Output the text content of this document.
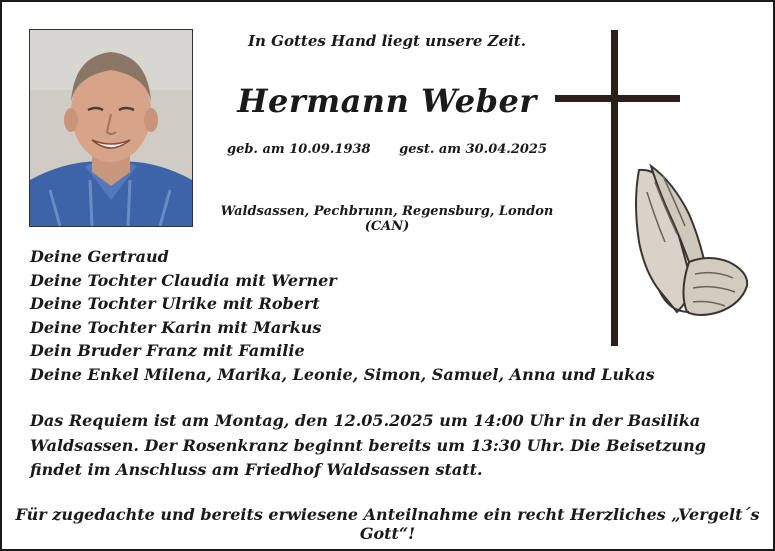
In Gottes Hand liegt unsere Zeit.
Hermann Weber
geb. am 10.09.1938 gest. am 30.04.2025
Waldsassen, Pechbrunn, Regensburg, London (CAN)
Deine Gertraud
Deine Tochter Claudia mit Werner
Deine Tochter Ulrike mit Robert
Deine Tochter Karin mit Markus
Dein Bruder Franz mit Familie
Deine Enkel Milena, Marika, Leonie, Simon, Samuel, Anna und Lukas
Das Requiem ist am Montag, den 12.05.2025 um 14:00 Uhr in der Basilika Waldsassen. Der Rosenkranz beginnt bereits um 13:30 Uhr. Die Beisetzung findet im Anschluss am Friedhof Waldsassen statt.
Für zugedachte und bereits erwiesene Anteilnahme ein recht Herzliches „Vergelt´s Gott“!
